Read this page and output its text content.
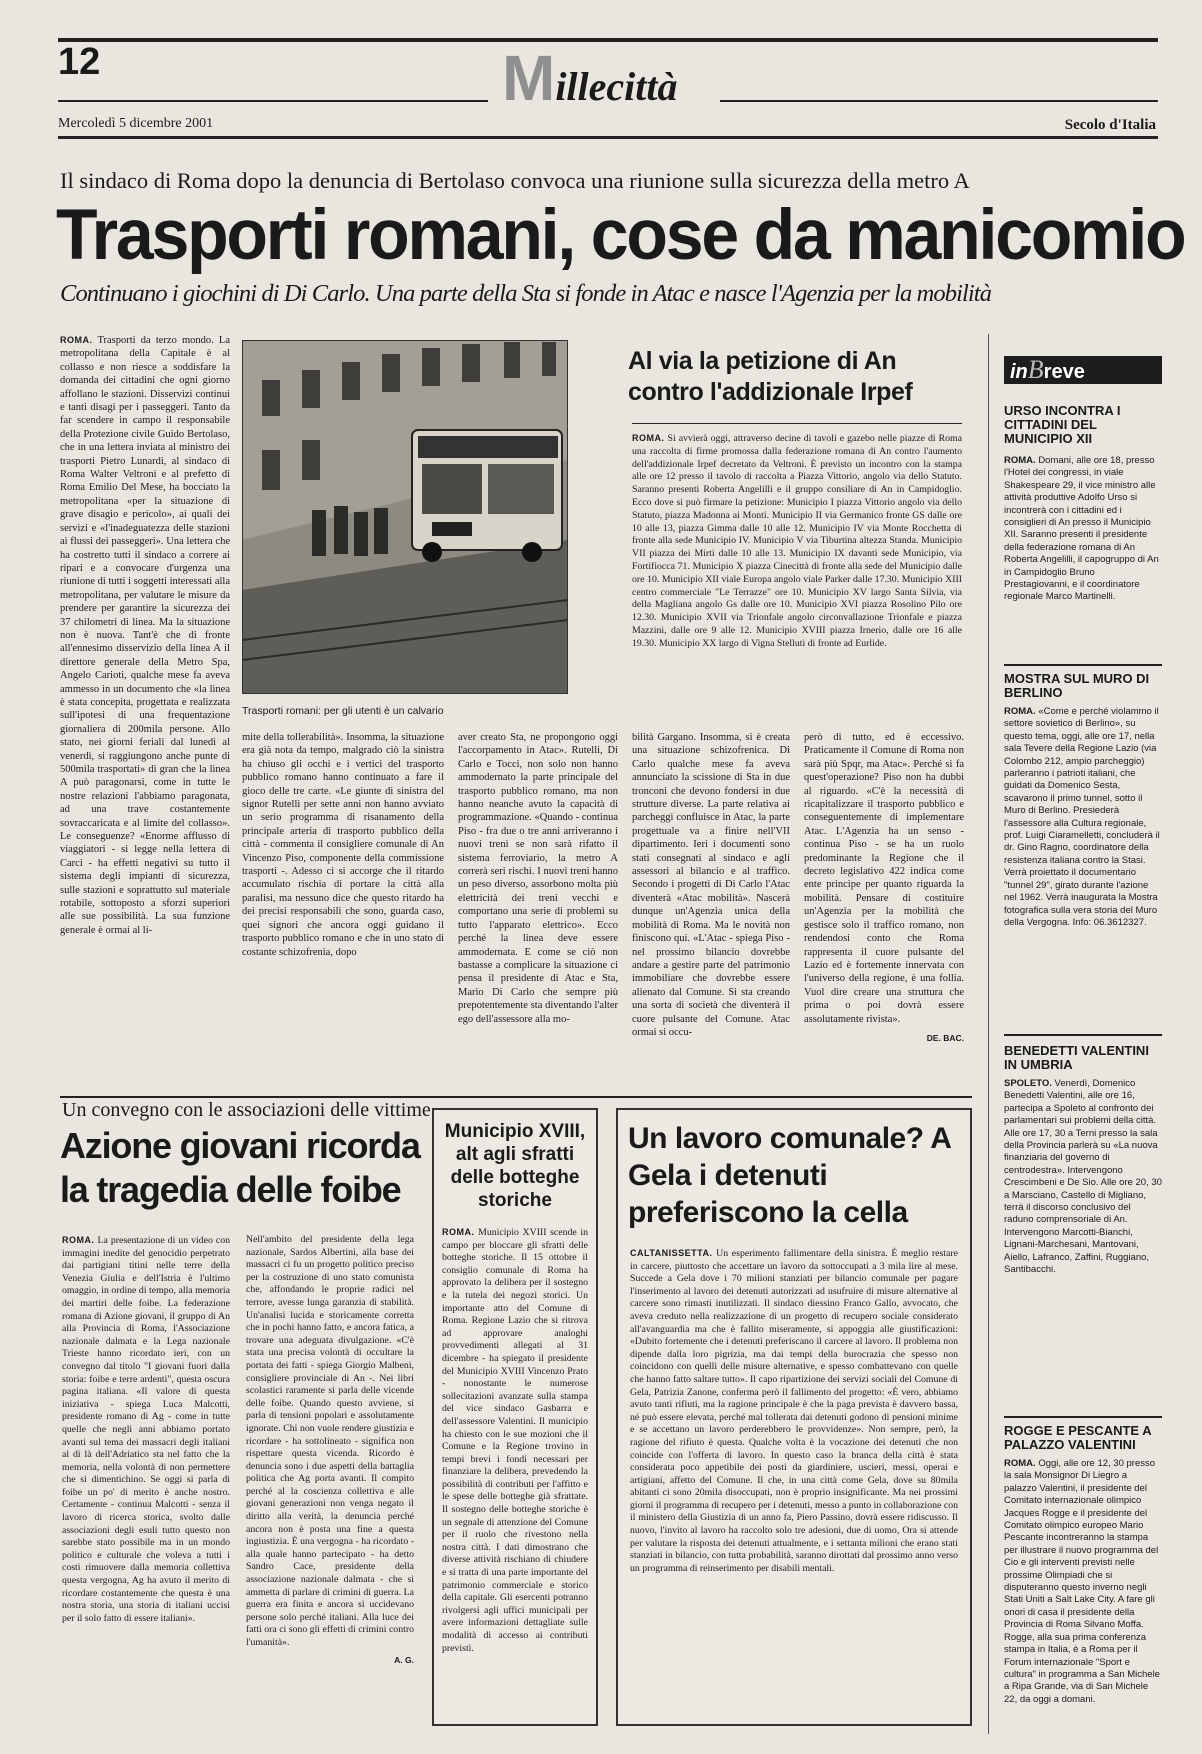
12	Millecittà
Mercoledì 5 dicembre 2001	Secolo d'Italia
Il sindaco di Roma dopo la denuncia di Bertolaso convoca una riunione sulla sicurezza della metro A
Trasporti romani, cose da manicomio
Continuano i giochini di Di Carlo. Una parte della Sta si fonde in Atac e nasce l'Agenzia per la mobilità
ROMA. Trasporti da terzo mondo. La metropolitana della Capitale è al collasso e non riesce a soddisfare la domanda dei cittadini che ogni giorno affollano le stazioni. Disservizi continui e tanti disagi per i passeggeri. Tanto da far scendere in campo il responsabile della Protezione civile Guido Bertolaso, che in una lettera inviata al ministro dei trasporti Pietro Lunardi, al sindaco di Roma Walter Veltroni e al prefetto di Roma Emilio Del Mese, ha bocciato la metropolitana «per la situazione di grave disagio e pericolo», ai quali dei servizi e «l'inadeguatezza delle stazioni ai flussi dei passeggeri». Una lettera che ha costretto tutti il sindaco a correre ai ripari e a convocare d'urgenza una riunione di tutti i soggetti interessati alla metropolitana, per valutare le misure da prendere per garantire la sicurezza dei 37 chilometri di linea. Ma la situazione non è nuova. Tant'è che di fronte all'ennesimo disservizio della linea A il direttore generale della Metro Spa, Angelo Carioti, qualche mese fa aveva ammesso in un documento che «la linea è stata concepita, progettata e realizzata sull'ipotesi di una frequentazione giornaliera di 200mila persone. Allo stato, nei giorni feriali dal lunedì al venerdì, si raggiungono anche punte di 500mila trasportati» di gran che la linea A può paragonarsi, come in tutte le nostre relazioni l'abbiamo paragonata, ad una trave costantemente sovraccaricata e al limite del collasso». Le conseguenze? «Enorme afflusso di viaggiatori - si legge nella lettera di Carci - ha effetti negativi su tutto il sistema degli impianti di sicurezza, sulle stazioni e soprattutto sul materiale rotabile, sottoposto a sforzi superiori alle sue possibilità. La sua funzione generale è ormai al li-
Trasporti romani: per gli utenti è un calvario
mite della tollerabilità». Insomma, la situazione era già nota da tempo, malgrado ciò la sinistra ha chiuso gli occhi e i vertici del trasporto pubblico romano hanno continuato a fare il gioco delle tre carte. «Le giunte di sinistra del signor Rutelli per sette anni non hanno avviato un serio programma di risanamento della principale arteria di trasporto pubblico della città - commenta il consigliere comunale di An Vincenzo Piso, componente della commissione trasporti -. Adesso ci si accorge che il ritardo accumulato rischia di portare la città alla paralisi, ma nessuno dice che questo ritardo ha dei precisi responsabili che sono, guarda caso, quei signori che ancora oggi guidano il trasporto pubblico romano e che in uno stato di costante schizofrenia, dopo
aver creato Sta, ne propongono oggi l'accorpamento in Atac». Rutelli, Di Carlo e Tocci, non solo non hanno ammodernato la parte principale del trasporto pubblico romano, ma non hanno neanche avuto la capacità di programmazione. «Quando - continua Piso - fra due o tre anni arriveranno i nuovi treni se non sarà rifatto il sistema ferroviario, la metro A correrà seri rischi. I nuovi treni hanno un peso diverso, assorbono molta più elettricità dei treni vecchi e comportano una serie di problemi su tutto l'apparato elettrico». Ecco perché la linea deve essere ammodernata. E come se ciò non bastasse a complicare la situazione ci pensa il presidente di Atac e Sta, Mario Di Carlo che sempre più prepotentemente sta diventando l'alter ego dell'assessore alla mo-
bilità Gargano. Insomma, si è creata una situazione schizofrenica. Di Carlo qualche mese fa aveva annunciato la scissione di Sta in due tronconi che devono fondersi in due strutture diverse. La parte relativa ai parcheggi confluisce in Atac, la parte progettuale va a finire nell'VII dipartimento. Ieri i documenti sono stati consegnati al sindaco e agli assessori al bilancio e al traffico. Secondo i progetti di Di Carlo l'Atac diventerà «Atac mobilità». Nascerà dunque un'Agenzia unica della mobilità di Roma. Ma le novità non finiscono qui. «L'Atac - spiega Piso - nel prossimo bilancio dovrebbe andare a gestire parte del patrimonio immobiliare che dovrebbe essere alienato dal Comune. Si sta creando una sorta di società che diventerà il cuore pulsante del Comune. Atac ormai si occu-
però di tutto, ed è eccessivo. Praticamente il Comune di Roma non sarà più Spqr, ma Atac». Perché si fa quest'operazione? Piso non ha dubbi al riguardo. «C'è la necessità di ricapitalizzare il trasporto pubblico e conseguentemente di implementare Atac. L'Agenzia ha un senso - continua Piso - se ha un ruolo predominante la Regione che il decreto legislativo 422 indica come ente principe per quanto riguarda la mobilità. Pensare di costituire un'Agenzia per la mobilità che gestisce solo il traffico romano, non rendendosi conto che Roma rappresenta il cuore pulsante del Lazio ed è fortemente innervata con l'universo della regione, è una follia. Vuol dire creare una struttura che prima o poi dovrà essere assolutamente rivista».
DE. BAC.
Al via la petizione di An contro l'addizionale Irpef
ROMA. Si avvierà oggi, attraverso decine di tavoli e gazebo nelle piazze di Roma una raccolta di firme promossa dalla federazione romana di An contro l'aumento dell'addizionale Irpef decretato da Veltroni. È previsto un incontro con la stampa alle ore 12 presso il tavolo di raccolta a Piazza Vittorio, angolo via dello Statuto. Saranno presenti Roberta Angelilli e il gruppo consiliare di An in Campidoglio. Ecco dove si può firmare la petizione: Municipio I piazza Vittorio angolo via dello Statuto, piazza Madonna ai Monti. Municipio II via Germanico fronte GS dalle ore 10 alle 13, piazza Gimma dalle 10 alle 12. Municipio IV via Monte Rocchetta di fronte alla sede Municipio IV. Municipio V via Tiburtina altezza Standa. Municipio VII piazza dei Mirti dalle 10 alle 13. Municipio IX davanti sede Municipio, via Fortifiocca 71. Municipio X piazza Cinecittà di fronte alla sede del Municipio dalle ore 10. Municipio XII viale Europa angolo viale Parker dalle 17.30. Municipio XIII centro commerciale "Le Terrazze" ore 10. Municipio XV largo Santa Silvia, via della Magliana angolo Gs dalle ore 10. Municipio XVI piazza Rosolino Pilo ore 12.30. Municipio XVII via Trionfale angolo circonvallazione Trionfale e piazza Mazzini, dalle ore 9 alle 12. Municipio XVIII piazza Irnerio, dalle ore 16 alle 19.30. Municipio XX largo di Vigna Stelluti di fronte ad Eurlide.
inBreve
URSO INCONTRA I CITTADINI DEL MUNICIPIO XII
ROMA. Domani, alle ore 18, presso l'Hotel dei congressi, in viale Shakespeare 29, il vice ministro alle attività produttive Adolfo Urso si incontrerà con i cittadini ed i consiglieri di An presso il Municipio XII. Saranno presenti il presidente della federazione romana di An Roberta Angelilli, il capogruppo di An in Campidoglio Bruno Prestagiovanni, e il coordinatore regionale Marco Martinelli.
MOSTRA SUL MURO DI BERLINO
ROMA. «Come e perché violammo il settore sovietico di Berlino», su questo tema, oggi, alle ore 17, nella sala Tevere della Regione Lazio (via Colombo 212, ampio parcheggio) parleranno i patrioti italiani, che guidati da Domenico Sesta, scavarono il primo tunnel, sotto il Muro di Berlino. Presiederà l'assessore alla Cultura regionale, prof. Luigi Ciaramelletti, concluderà il dr. Gino Ragno, coordinatore della resistenza italiana contro la Stasi. Verrà proiettato il documentario "tunnel 29", girato durante l'azione nel 1962. Verrà inaugurata la Mostra fotografica sulla vera storia del Muro della Vergogna. Info: 06.3612327.
BENEDETTI VALENTINI IN UMBRIA
SPOLETO. Venerdì, Domenico Benedetti Valentini, alle ore 16, partecipa a Spoleto al confronto dei parlamentari sui problemi della città. Alle ore 17, 30 a Terni presso la sala della Provincia parlerà su «La nuova finanziaria del governo di centrodestra». Intervengono Crescimbeni e De Sio. Alle ore 20, 30 a Marsciano, Castello di Migliano, terrà il discorso conclusivo del raduno comprensoriale di An. Intervengono Marcotti-Bianchi, Lignani-Marchesani, Mantovani, Aiello, Lafranco, Zaffini, Ruggiano, Santibacchi.
ROGGE E PESCANTE A PALAZZO VALENTINI
ROMA. Oggi, alle ore 12, 30 presso la sala Monsignor Di Liegro a palazzo Valentini, il presidente del Comitato internazionale olimpico Jacques Rogge e il presidente del Comitato olimpico europeo Mario Pescante incontreranno la stampa per illustrare il nuovo programma del Cio e gli interventi previsti nelle prossime Olimpiadi che si disputeranno questo inverno negli Stati Uniti a Salt Lake City. A fare gli onori di casa il presidente della Provincia di Roma Silvano Moffa. Rogge, alla sua prima conferenza stampa in Italia, è a Roma per il Forum internazionale "Sport e cultura" in programma a San Michele a Ripa Grande, via di San Michele 22, da oggi a domani.
Un convegno con le associazioni delle vittime
Azione giovani ricorda la tragedia delle foibe
ROMA. La presentazione di un video con immagini inedite del genocidio perpetrato dai partigiani titini nelle terre della Venezia Giulia e dell'Istria è l'ultimo omaggio, in ordine di tempo, alla memoria dei martiri delle foibe. La federazione romana di Azione giovani, il gruppo di An alla Provincia di Roma, l'Associazione nazionale dalmata e la Lega nazionale Trieste hanno ricordato ieri, con un convegno dal titolo "I giovani fuori dalla storia: foibe e terre ardenti", questa oscura pagina italiana. «Il valore di questa iniziativa - spiega Luca Malcotti, presidente romano di Ag - come in tutte quelle che negli anni abbiamo portato avanti sul tema dei massacri degli italiani al di là dell'Adriatico sta nel fatto che la memoria, nella volontà di non permettere che si dimentichino. Se oggi si parla di foibe un po' di merito è anche nostro. Certamente - continua Malcotti - senza il lavoro di ricerca storica, svolto dalle associazioni degli esuli tutto questo non sarebbe stato possibile ma in un mondo politico e culturale che voleva a tutti i costi rimuovere dalla memoria collettiva questa vergogna, Ag ha avuto il merito di ricordare costantemente che questa è una nostra storia, una storia di italiani uccisi per il solo fatto di essere italiani».
Nell'ambito del presidente della lega nazionale, Sardos Albertini, alla base dei massacri ci fu un progetto politico preciso per la costruzione di uno stato comunista che, affondando le proprie radici nel terrore, avesse lunga garanzia di stabilità. Un'analisi lucida e storicamente corretta che in pochi hanno fatto, e ancora fatica, a trovare una adeguata divulgazione. «C'è stata una precisa volontà di occultare la portata dei fatti - spiega Giorgio Malbeni, consigliere provinciale di An -. Nei libri scolastici raramente si parla delle vicende delle foibe. Quando questo avviene, si parla di tensioni popolari e assolutamente ignorate. Chi non vuole rendere giustizia e ricordare - ha sottolineato - significa non rispettare questa vicenda. Ricordo è denuncia sono i due aspetti della battaglia politica che Ag porta avanti. Il compito perché al la coscienza collettiva e alle giovani generazioni non venga negato il diritto alla verità, la denuncia perché ancora non è posta una fine a questa ingiustizia. È una vergogna - ha ricordato - alla quale hanno partecipato - ha detto Sandro Cace, presidente della associazione nazionale dalmata - che si ammetta di parlare di crimini di guerra. La guerra era finita e ancora si uccidevano persone solo perché italiani. Alla luce dei fatti ora ci sono gli effetti di crimini contro l'umanità».
A. G.
Municipio XVIII, alt agli sfratti delle botteghe storiche
ROMA. Municipio XVIII scende in campo per bloccare gli sfratti delle botteghe storiche. Il 15 ottobre il consiglio comunale di Roma ha approvato la delibera per il sostegno e la tutela dei negozi storici. Un importante atto del Comune di Roma. Regione Lazio che si ritrova ad approvare analoghi provvedimenti allegati al 31 dicembre - ha spiegato il presidente del Municipio XVIII Vincenzo Prato - nonostante le numerose sollecitazioni avanzate sulla stampa del vice sindaco Gasbarra e dell'assessore Valentini. Il municipio ha chiesto con le sue mozioni che il Comune e la Regione trovino in tempi brevi i fondi necessari per finanziare la delibera, prevedendo la possibilità di contributi per l'affitto e le spese delle botteghe già sfrattate. Il sostegno delle botteghe storiche è un segnale di attenzione del Comune per il ruolo che rivestono nella nostra città. I dati dimostrano che diverse attività rischiano di chiudere e si tratta di una parte importante del patrimonio commerciale e storico della capitale. Gli esercenti potranno rivolgersi agli uffici municipali per avere informazioni dettagliate sulle modalità di accesso ai contributi previsti.
Un lavoro comunale? A Gela i detenuti preferiscono la cella
CALTANISSETTA. Un esperimento fallimentare della sinistra. È meglio restare in carcere, piuttosto che accettare un lavoro da sottoccupati a 3 mila lire al mese. Succede a Gela dove i 70 milioni stanziati per bilancio comunale per pagare l'inserimento al lavoro dei detenuti autorizzati ad usufruire di misure alternative al carcere sono rimasti inutilizzati. Il sindaco diessino Franco Gallo, avvocato, che aveva creduto nella realizzazione di un progetto di recupero sociale considerato all'avanguardia ma che è fallito miseramente, si appoggia alle giustificazioni: «Dubito fortemente che i detenuti preferiscano il carcere al lavoro. Il problema non dipende dalla loro pigrizia, ma dai tempi della burocrazia che spesso non coincidono con quelli delle misure alternative, e spesso combattevano con quelle che hanno fatto saltare tutto». Il capo ripartizione dei servizi sociali del Comune di Gela, Patrizia Zanone, conferma però il fallimento del progetto: «È vero, abbiamo avuto tanti rifiuti, ma la ragione principale è che la paga prevista è davvero bassa, né può essere elevata, perché mal tollerata dai detenuti godono di pensioni minime e se accettano un lavoro perderebbero le provvidenze». Non sempre, però, la ragione del rifiuto è questa. Qualche volta è la vocazione dei detenuti che non coincide con l'offerta di lavoro. In questo caso la branca della città è stata considerata poco appetibile dei posti da giardiniere, uscieri, messi, operai e artigiani, affetto del Comune. Il che, in una città come Gela, dove su 80mila abitanti ci sono 20mila disoccupati, non è proprio insignificante. Ma nei prossimi giorni il programma di recupero per i detenuti, messo a punto in collaborazione con il ministero della Giustizia di un anno fa, Piero Passino, dovrà essere ridiscusso. Il nuovo, l'invito al lavoro ha raccolto solo tre adesioni, due di uomo, Ora si attende per valutare la risposta dei detenuti attualmente, e i settanta milioni che erano stati stanziati in bilancio, con tutta probabilità, saranno dirottati dal prossimo anno verso un programma di reinserimento per disabili mentali.
